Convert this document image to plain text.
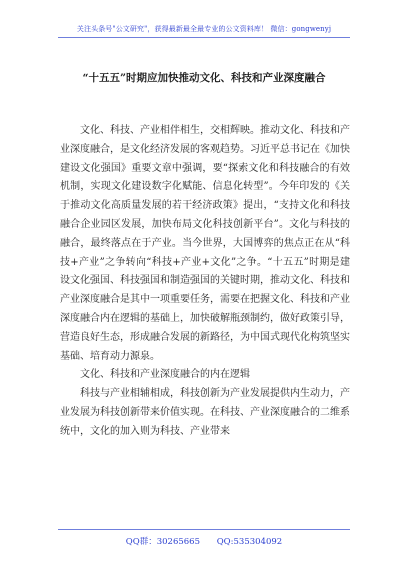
关注头条号"公文研究"，获得最新最全最专业的公文资料库！ 微信：gongwenyj
“十五五”时期应加快推动文化、科技和产业深度融合

文化、科技、产业相伴相生，交相辉映。推动文化、科技和产业深度融合，是文化经济发展的客观趋势。习近平总书记在《加快建设文化强国》重要文章中强调，要“探索文化和科技融合的有效机制，实现文化建设数字化赋能、信息化转型”。今年印发的《关于推动文化高质量发展的若干经济政策》提出，“支持文化和科技融合企业园区发展，加快布局文化科技创新平台”。文化与科技的融合，最终落点在于产业。当今世界，大国博弈的焦点正在从“科技+产业”之争转向“科技+产业+文化”之争。“十五五”时期是建设文化强国、科技强国和制造强国的关键时期，推动文化、科技和产业深度融合是其中一项重要任务，需要在把握文化、科技和产业深度融合内在逻辑的基础上，加快破解瓶颈制约，做好政策引导，营造良好生态，形成融合发展的新路径，为中国式现代化构筑坚实基础、培育动力源泉。

文化、科技和产业深度融合的内在逻辑

科技与产业相辅相成，科技创新为产业发展提供内生动力，产业发展为科技创新带来价值实现。在科技、产业深度融合的二维系统中，文化的加入则为科技、产业带来

QQ群：30265665 QQ:535304092
